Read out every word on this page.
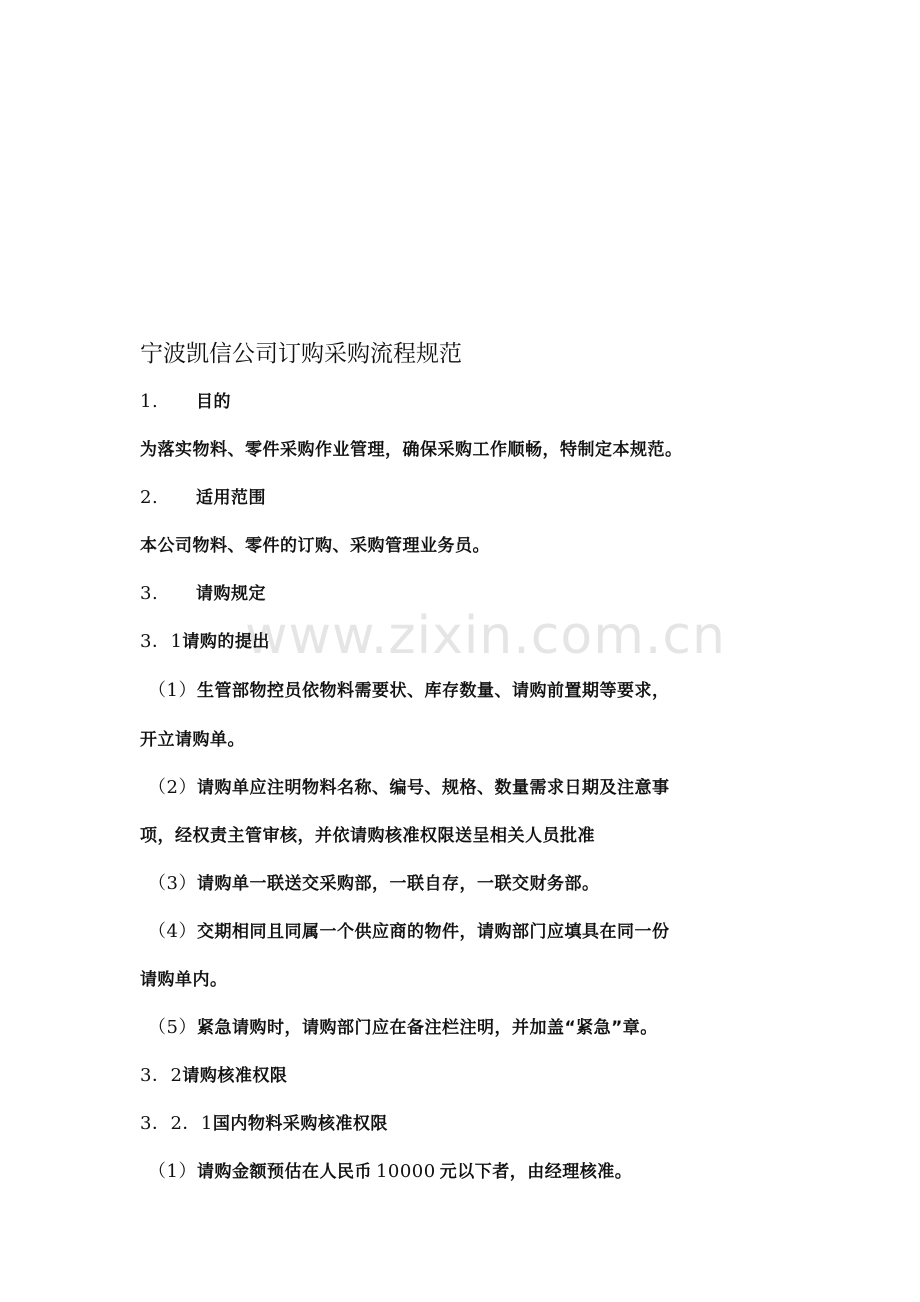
www.zixin.com.cn
宁波凯信公司订购采购流程规范
1. 目的
为落实物料、零件采购作业管理，确保采购工作顺畅，特制定本规范。
2. 适用范围
本公司物料、零件的订购、采购管理业务员。
3. 请购规定
3．1请购的提出
（1）生管部物控员依物料需要状、库存数量、请购前置期等要求，
开立请购单。
（2）请购单应注明物料名称、编号、规格、数量需求日期及注意事
项，经权责主管审核，并依请购核准权限送呈相关人员批准
（3）请购单一联送交采购部，一联自存，一联交财务部。
（4）交期相同且同属一个供应商的物件，请购部门应填具在同一份
请购单内。
（5）紧急请购时，请购部门应在备注栏注明，并加盖“紧急”章。
3．2请购核准权限
3．2．1国内物料采购核准权限
（1）请购金额预估在人民币 10000 元以下者，由经理核准。
